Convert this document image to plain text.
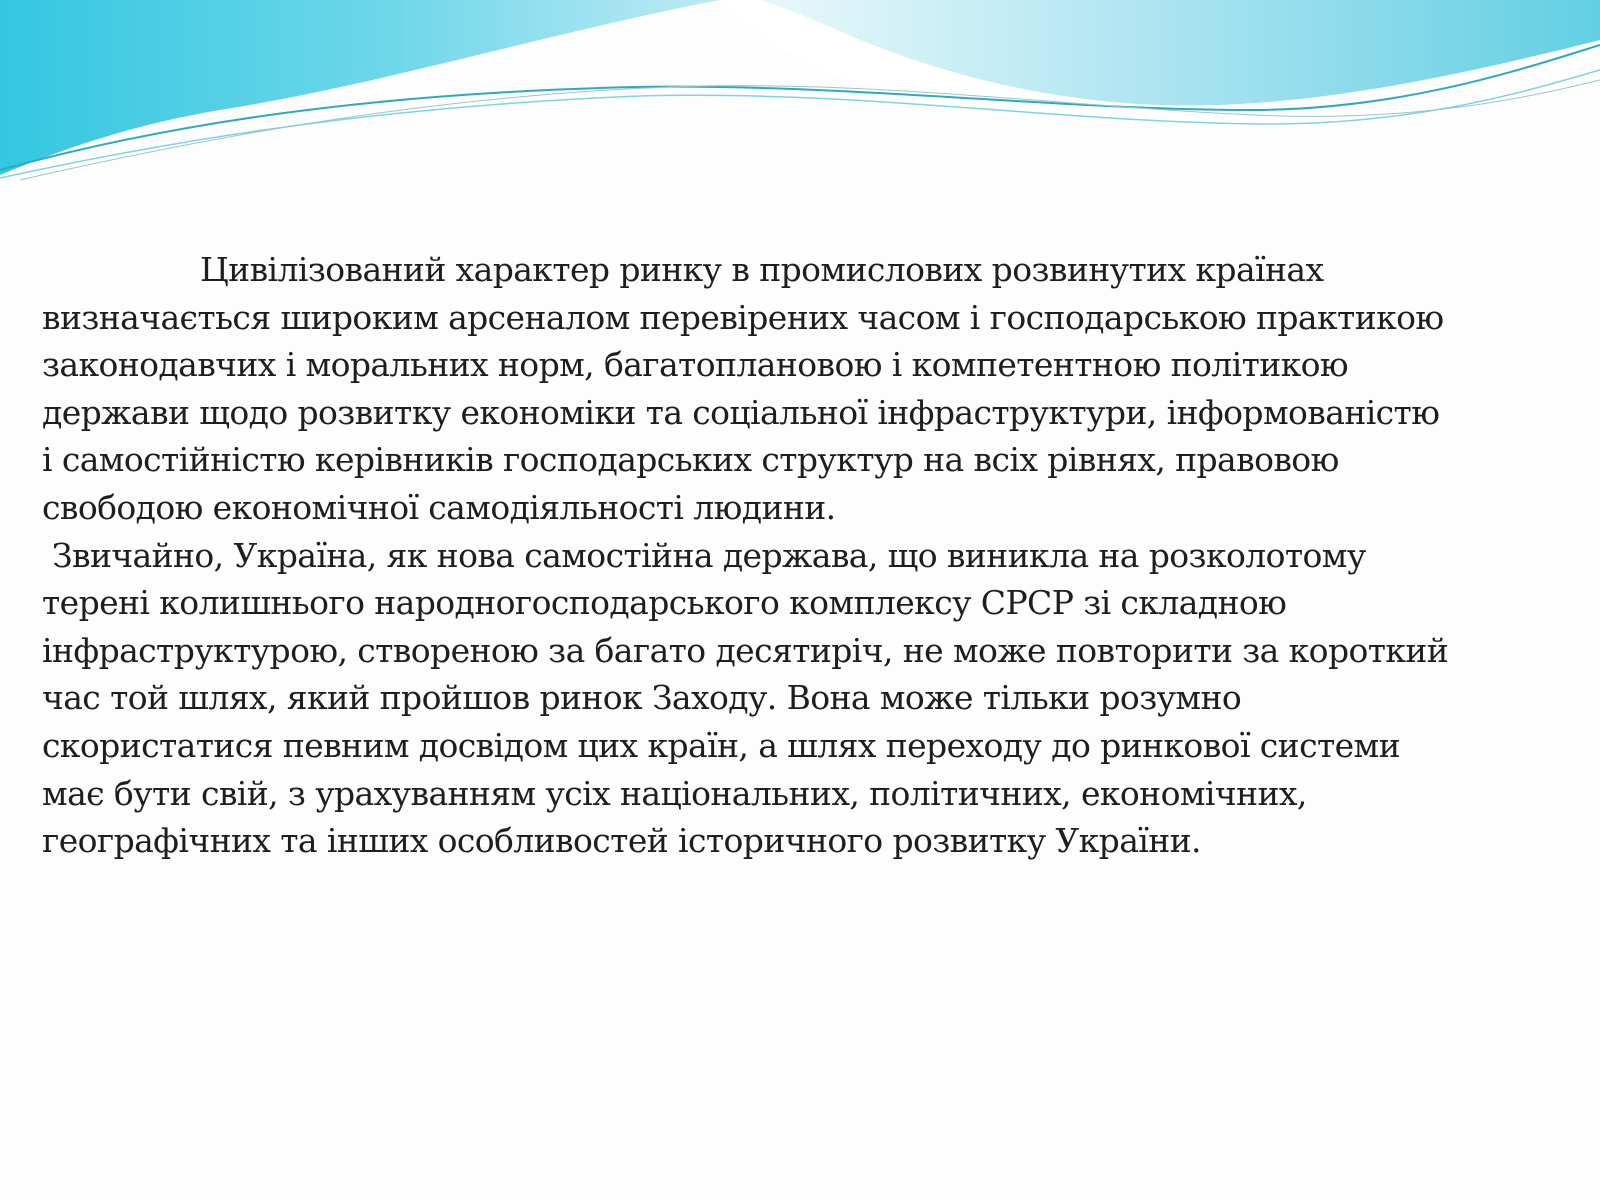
Цивілізований характер ринку в промислових розвинутих країнах
визначається широким арсеналом перевірених часом і господарською практикою
законодавчих і моральних норм, багатоплановою і компетентною політикою
держави щодо розвитку економіки та соціальної інфраструктури, інформованістю
і самостійністю керівників господарських структур на всіх рівнях, правовою
свободою економічної самодіяльності людини.
Звичайно, Україна, як нова самостійна держава, що виникла на розколотому
терені колишнього народногосподарського комплексу СРСР зі складною
інфраструктурою, створеною за багато десятиріч, не може повторити за короткий
час той шлях, який пройшов ринок Заходу. Вона може тільки розумно
скористатися певним досвідом цих країн, а шлях переходу до ринкової системи
має бути свій, з урахуванням усіх національних, політичних, економічних,
географічних та інших особливостей історичного розвитку України.
